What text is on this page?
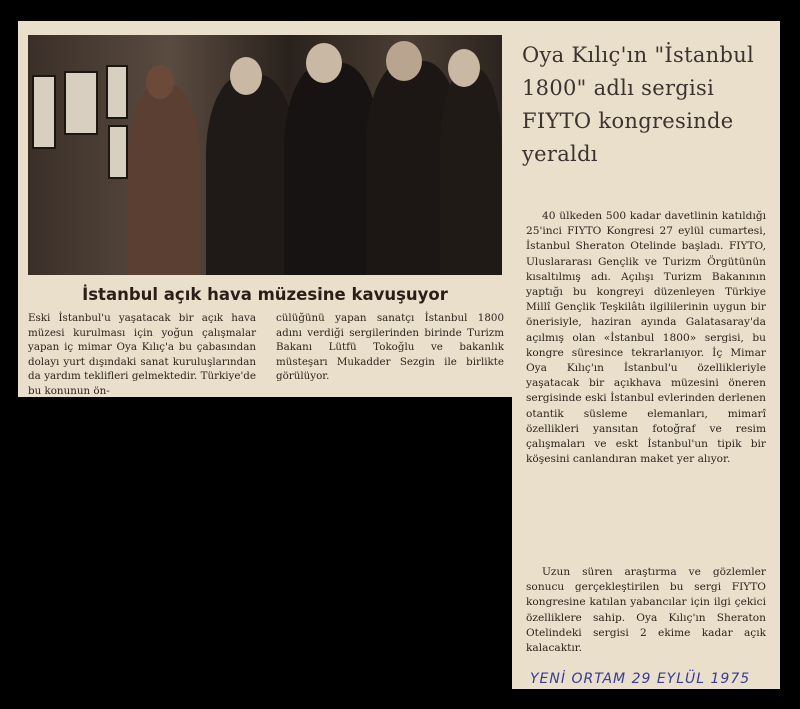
İstanbul açık hava müzesine kavuşuyor
Eski İstanbul'u yaşatacak bir açık hava müzesi kurulması için yoğun çalışmalar yapan iç mimar Oya Kılıç'a bu çabasından dolayı yurt dışındaki sanat kuruluşlarından da yardım teklifleri gelmektedir. Türkiye'de bu konunun ön-
cülüğünü yapan sanatçı İstanbul 1800 adını verdiği sergilerinden birinde Turizm Bakanı Lütfü Tokoğlu ve bakanlık müsteşarı Mukadder Sezgin ile birlikte görülüyor.
Oya Kılıç'ın "İstanbul 1800" adlı sergisi FIYTO kongresinde yeraldı
40 ülkeden 500 kadar davetlinin katıldığı 25'inci FIYTO Kongresi 27 eylül cumartesi, İstanbul Sheraton Otelinde başladı. FIYTO, Uluslararası Gençlik ve Turizm Örgütünün kısaltılmış adı. Açılışı Turizm Bakanının yaptığı bu kongreyi düzenleyen Türkiye Millî Gençlik Teşkilâtı ilgililerinin uygun bir önerisiyle, haziran ayında Galatasaray'da açılmış olan «İstanbul 1800» sergisi, bu kongre süresince tekrarlanıyor. İç Mimar Oya Kılıç'ın İstanbul'u özellikleriyle yaşatacak bir açıkhava müzesini öneren sergisinde eski İstanbul evlerinden derlenen otantik süsleme elemanları, mimarî özellikleri yansıtan fotoğraf ve resim çalışmaları ve eskt İstanbul'un tipik bir köşesini canlandıran maket yer alıyor.
Uzun süren araştırma ve gözlemler sonucu gerçekleştirilen bu sergi FIYTO kongresine katılan yabancılar için ilgi çekici özelliklere sahip. Oya Kılıç'ın Sheraton Otelindeki sergisi 2 ekime kadar açık kalacaktır.
YENİ ORTAM 29 EYLÜL 1975
